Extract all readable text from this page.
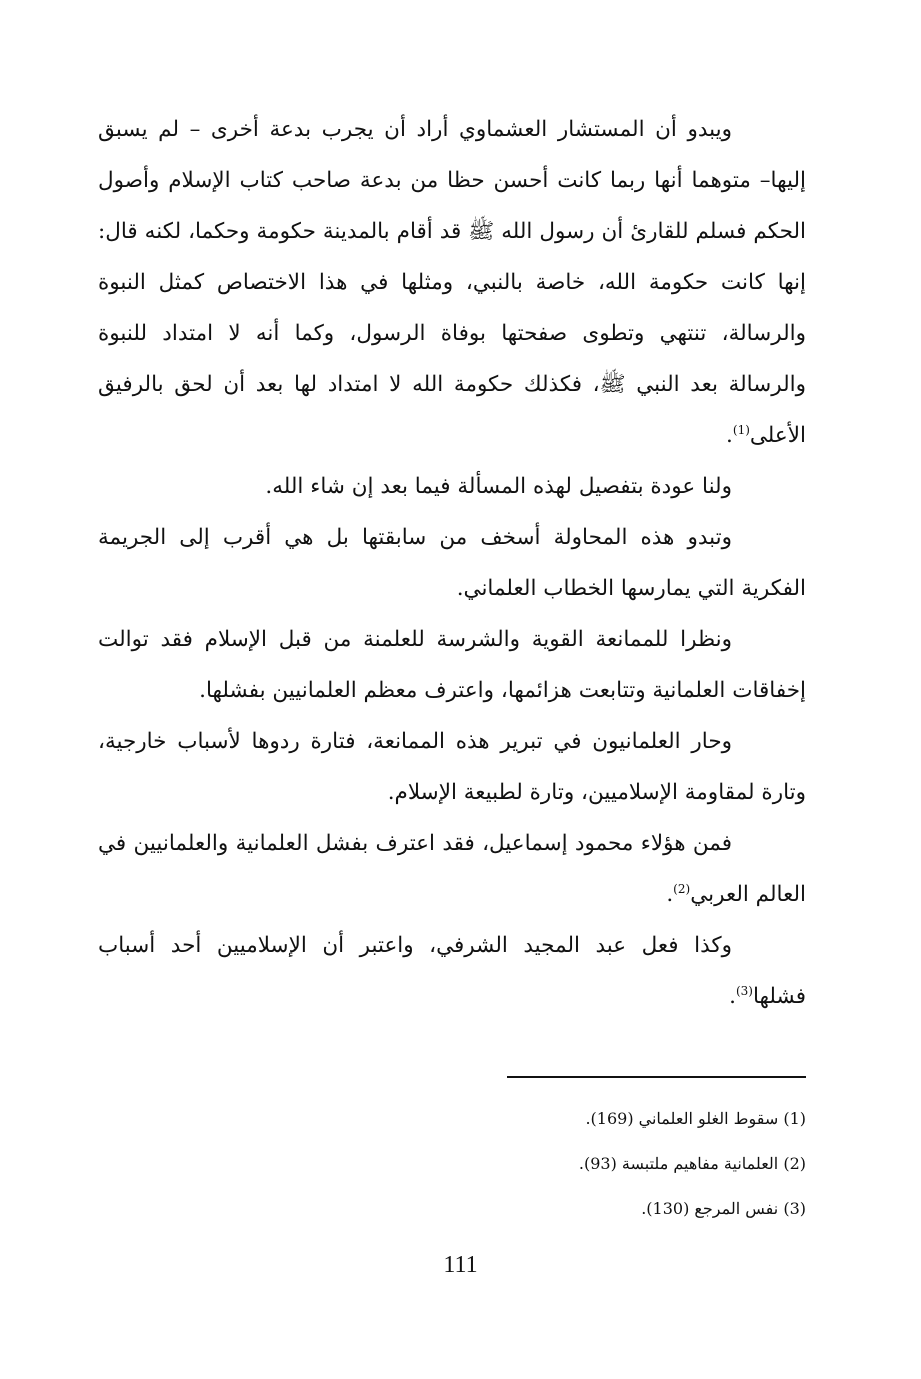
ويبدو أن المستشار العشماوي أراد أن يجرب بدعة أخرى – لم يسبق إليها– متوهما أنها ربما كانت أحسن حظا من بدعة صاحب كتاب الإسلام وأصول الحكم فسلم للقارئ أن رسول الله ﷺ قد أقام بالمدينة حكومة وحكما، لكنه قال: إنها كانت حكومة الله، خاصة بالنبي، ومثلها في هذا الاختصاص كمثل النبوة والرسالة، تنتهي وتطوى صفحتها بوفاة الرسول، وكما أنه لا امتداد للنبوة والرسالة بعد النبي ﷺ، فكذلك حكومة الله لا امتداد لها بعد أن لحق بالرفيق الأعلى$^{(1)}$.

ولنا عودة بتفصيل لهذه المسألة فيما بعد إن شاء الله.

وتبدو هذه المحاولة أسخف من سابقتها بل هي أقرب إلى الجريمة الفكرية التي يمارسها الخطاب العلماني.

ونظرا للممانعة القوية والشرسة للعلمنة من قبل الإسلام فقد توالت إخفاقات العلمانية وتتابعت هزائمها، واعترف معظم العلمانيين بفشلها.

وحار العلمانيون في تبرير هذه الممانعة، فتارة ردوها لأسباب خارجية، وتارة لمقاومة الإسلاميين، وتارة لطبيعة الإسلام.

فمن هؤلاء محمود إسماعيل، فقد اعترف بفشل العلمانية والعلمانيين في العالم العربي$^{(2)}$.

وكذا فعل عبد المجيد الشرفي، واعتبر أن الإسلاميين أحد أسباب فشلها$^{(3)}$.

(1) سقوط الغلو العلماني (169).

(2) العلمانية مفاهيم ملتبسة (93).

(3) نفس المرجع (130).

111
